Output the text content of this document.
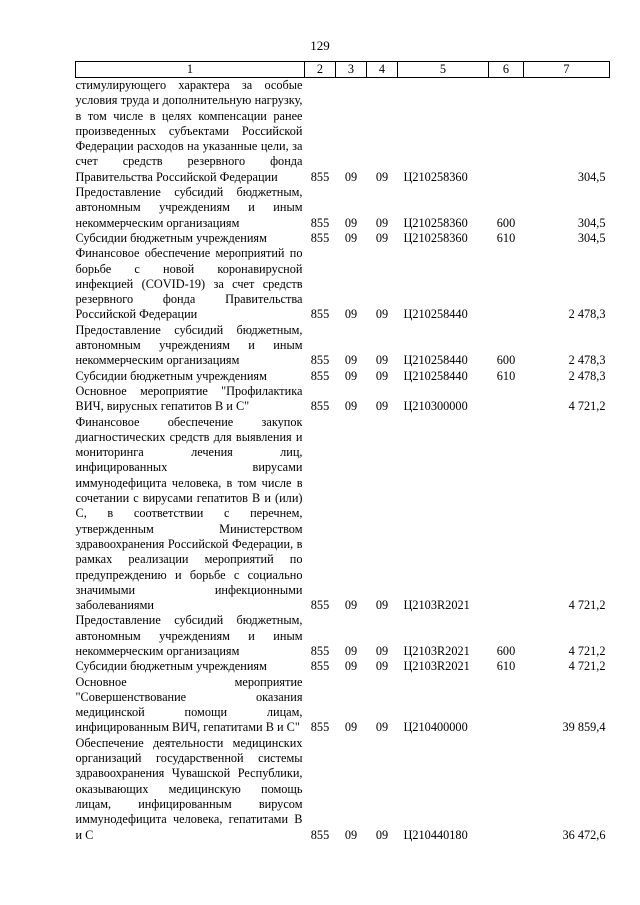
129
1	2	3	4	5	6	7
стимулирующего характера за особые условия труда и дополнительную нагрузку, в том числе в целях компенсации ранее произведенных субъектами Российской Федерации расходов на указанные цели, за счет средств резервного фонда Правительства Российской Федерации	855	09	09	Ц210258360		304,5
Предоставление субсидий бюджетным, автономным учреждениям и иным некоммерческим организациям	855	09	09	Ц210258360	600	304,5
Субсидии бюджетным учреждениям	855	09	09	Ц210258360	610	304,5
Финансовое обеспечение мероприятий по борьбе с новой коронавирусной инфекцией (COVID-19) за счет средств резервного фонда Правительства Российской Федерации	855	09	09	Ц210258440		2 478,3
Предоставление субсидий бюджетным, автономным учреждениям и иным некоммерческим организациям	855	09	09	Ц210258440	600	2 478,3
Субсидии бюджетным учреждениям	855	09	09	Ц210258440	610	2 478,3
Основное мероприятие "Профилактика ВИЧ, вирусных гепатитов В и С"	855	09	09	Ц210300000		4 721,2
Финансовое обеспечение закупок диагностических средств для выявления и мониторинга лечения лиц, инфицированных вирусами иммунодефицита человека, в том числе в сочетании с вирусами гепатитов В и (или) С, в соответствии с перечнем, утвержденным Министерством здравоохранения Российской Федерации, в рамках реализации мероприятий по предупреждению и борьбе с социально значимыми инфекционными заболеваниями	855	09	09	Ц2103R2021		4 721,2
Предоставление субсидий бюджетным, автономным учреждениям и иным некоммерческим организациям	855	09	09	Ц2103R2021	600	4 721,2
Субсидии бюджетным учреждениям	855	09	09	Ц2103R2021	610	4 721,2
Основное мероприятие "Совершенствование оказания медицинской помощи лицам, инфицированным ВИЧ, гепатитами В и С"	855	09	09	Ц210400000		39 859,4
Обеспечение деятельности медицинских организаций государственной системы здравоохранения Чувашской Республики, оказывающих медицинскую помощь лицам, инфицированным вирусом иммунодефицита человека, гепатитами В и С	855	09	09	Ц210440180		36 472,6
